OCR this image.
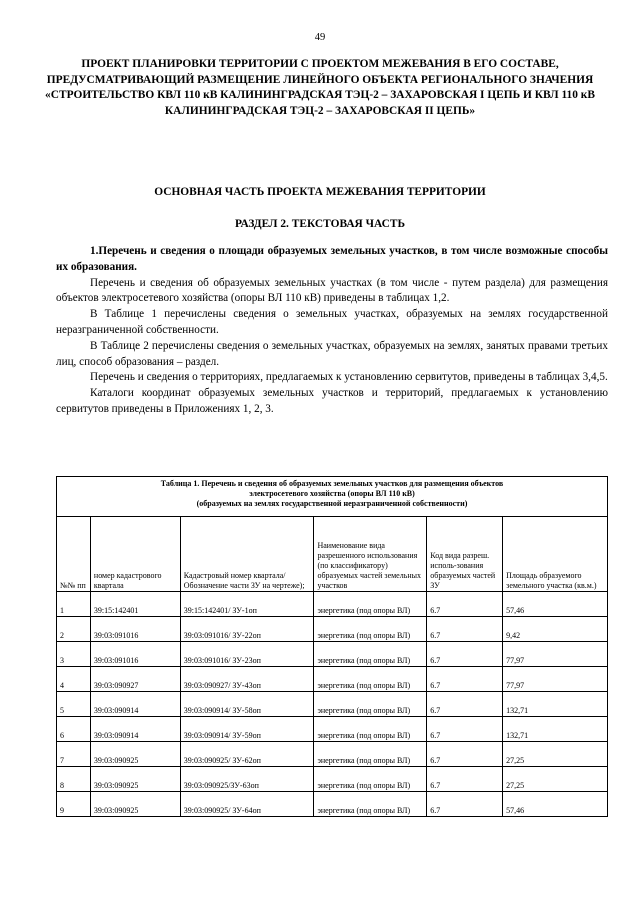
49
ПРОЕКТ ПЛАНИРОВКИ ТЕРРИТОРИИ С ПРОЕКТОМ МЕЖЕВАНИЯ В ЕГО СОСТАВЕ, ПРЕДУСМАТРИВАЮЩИЙ РАЗМЕЩЕНИЕ ЛИНЕЙНОГО ОБЪЕКТА РЕГИОНАЛЬНОГО ЗНАЧЕНИЯ «СТРОИТЕЛЬСТВО КВЛ 110 кВ КАЛИНИНГРАДСКАЯ ТЭЦ-2 – ЗАХАРОВСКАЯ I ЦЕПЬ И КВЛ 110 кВ КАЛИНИНГРАДСКАЯ ТЭЦ-2 – ЗАХАРОВСКАЯ II ЦЕПЬ»
ОСНОВНАЯ ЧАСТЬ ПРОЕКТА МЕЖЕВАНИЯ ТЕРРИТОРИИ
РАЗДЕЛ 2. ТЕКСТОВАЯ ЧАСТЬ

1.Перечень и сведения о площади образуемых земельных участков, в том числе возможные способы их образования.

Перечень и сведения об образуемых земельных участках (в том числе - путем раздела) для размещения объектов электросетевого хозяйства (опоры ВЛ 110 кВ) приведены в таблицах 1,2.

В Таблице 1 перечислены сведения о земельных участках, образуемых на землях государственной неразграниченной собственности.

В Таблице 2 перечислены сведения о земельных участках, образуемых на землях, занятых правами третьих лиц, способ образования – раздел.

Перечень и сведения о территориях, предлагаемых к установлению сервитутов, приведены в таблицах 3,4,5.

Каталоги координат образуемых земельных участков и территорий, предлагаемых к установлению сервитутов приведены в Приложениях 1, 2, 3.

Таблица 1. Перечень и сведения об образуемых земельных участков для размещения объектов
электросетевого хозяйства (опоры ВЛ 110 кВ)
(образуемых на землях государственной неразграниченной собственности)					

№№ пп	номер кадастрового квартала	Кадастровый номер квартала/ Обозначение части ЗУ на чертеже);	Наименование вида разрешенного использования (по классификатору) образуемых частей земельных участков	Код вида разреш. исполь-зования образуемых частей ЗУ	Площадь образуемого земельного участка (кв.м.)
1	39:15:142401	39:15:142401/ ЗУ-1оп	энергетика (под опоры ВЛ)	6.7	57,46
2	39:03:091016	39:03:091016/ ЗУ-22оп	энергетика (под опоры ВЛ)	6.7	9,42
3	39:03:091016	39:03:091016/ ЗУ-23оп	энергетика (под опоры ВЛ)	6.7	77,97
4	39:03:090927	39:03:090927/ ЗУ-43оп	энергетика (под опоры ВЛ)	6.7	77,97
5	39:03:090914	39:03:090914/ ЗУ-58оп	энергетика (под опоры ВЛ)	6.7	132,71
6	39:03:090914	39:03:090914/ ЗУ-59оп	энергетика (под опоры ВЛ)	6.7	132,71
7	39:03:090925	39:03:090925/ ЗУ-62оп	энергетика (под опоры ВЛ)	6.7	27,25
8	39:03:090925	39:03:090925/ЗУ-63оп	энергетика (под опоры ВЛ)	6.7	27,25
9	39:03:090925	39:03:090925/ ЗУ-64оп	энергетика (под опоры ВЛ)	6.7	57,46
